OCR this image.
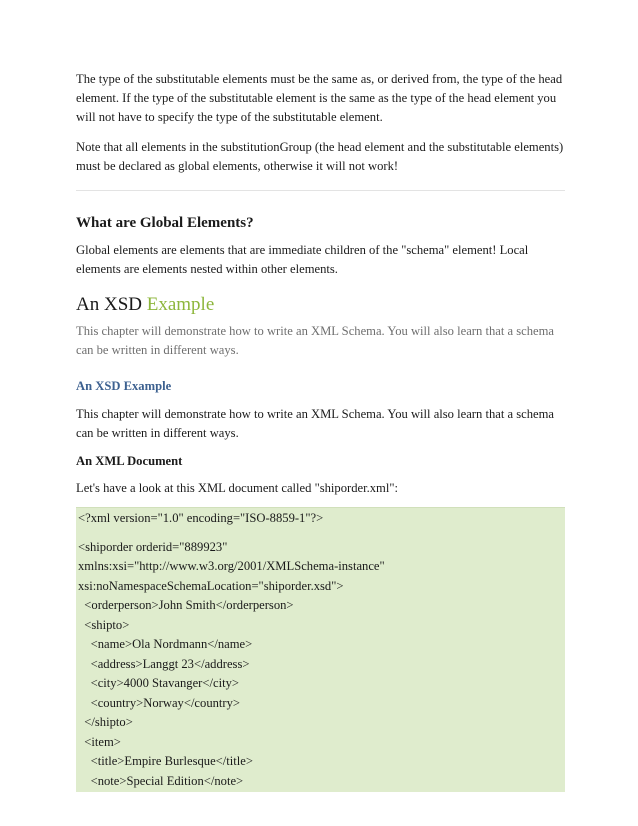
The type of the substitutable elements must be the same as, or derived from, the type of the head element. If the type of the substitutable element is the same as the type of the head element you will not have to specify the type of the substitutable element.

Note that all elements in the substitutionGroup (the head element and the substitutable elements) must be declared as global elements, otherwise it will not work!

What are Global Elements?

Global elements are elements that are immediate children of the "schema" element! Local elements are elements nested within other elements.

An XSD Example

This chapter will demonstrate how to write an XML Schema. You will also learn that a schema can be written in different ways.

An XSD Example

This chapter will demonstrate how to write an XML Schema. You will also learn that a schema can be written in different ways.

An XML Document

Let's have a look at this XML document called "shiporder.xml":

<?xml version="1.0" encoding="ISO-8859-1"?>
<shiporder orderid="889923"
xmlns:xsi="http://www.w3.org/2001/XMLSchema-instance"
xsi:noNamespaceSchemaLocation="shiporder.xsd">
<orderperson>John Smith</orderperson>
<shipto>
<name>Ola Nordmann</name>
<address>Langgt 23</address>
<city>4000 Stavanger</city>
<country>Norway</country>
</shipto>
<item>
<title>Empire Burlesque</title>
<note>Special Edition</note>
